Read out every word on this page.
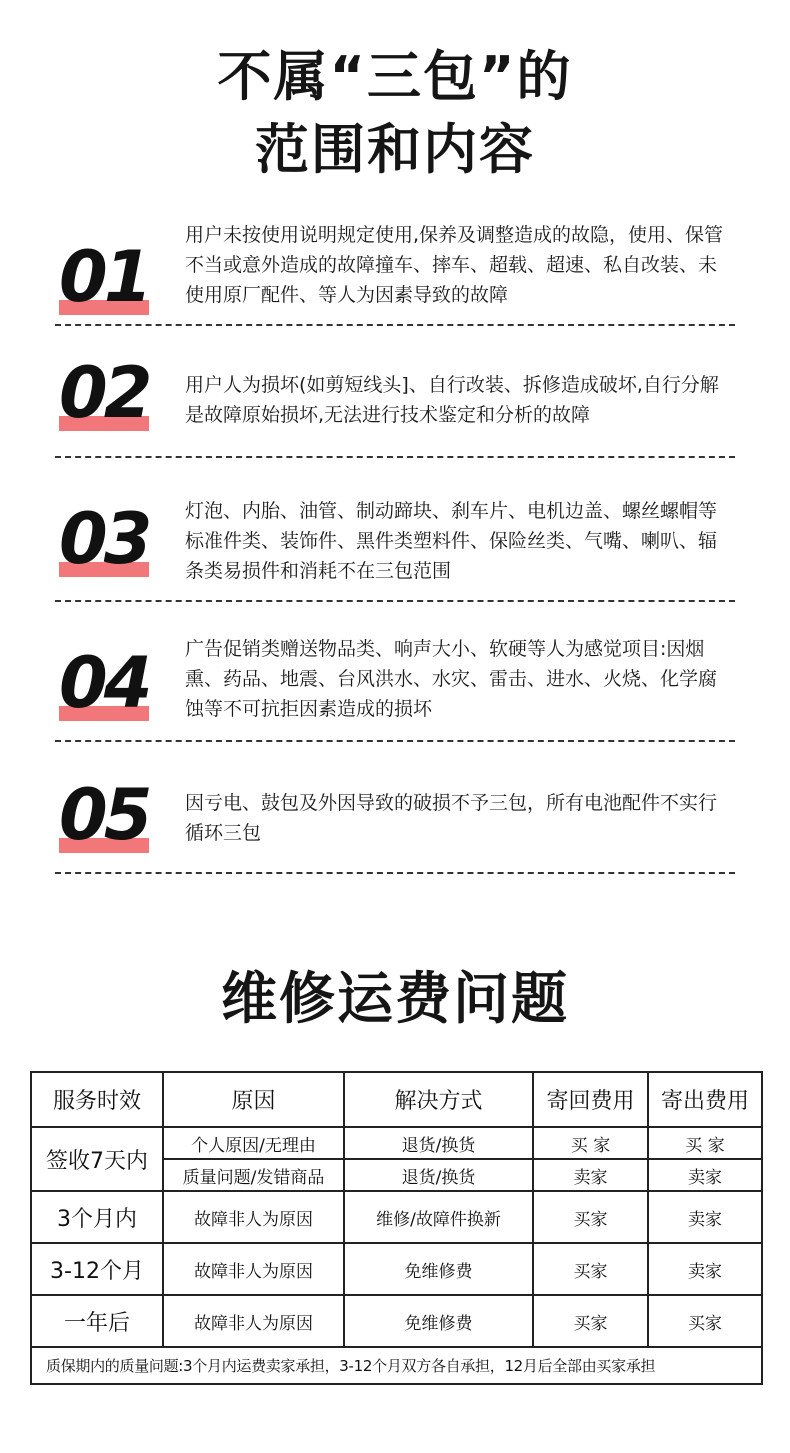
不属“三包”的
范围和内容
01
用户未按使用说明规定使用,保养及调整造成的故隐，使用、保管不当或意外造成的故障撞车、摔车、超载、超速、私自改装、未使用原厂配件、等人为因素导致的故障
02 用户人为损坏(如剪短线头]、自行改装、拆修造成破坏,自行分解是故障原始损坏,无法进行技术鉴定和分析的故障
03 灯泡、内胎、油管、制动蹄块、刹车片、电机边盖、螺丝螺帽等标准件类、装饰件、黑件类塑料件、保险丝类、气嘴、喇叭、辐条类易损件和消耗不在三包范围
04 广告促销类赠送物品类、响声大小、软硬等人为感觉项目:因烟熏、药品、地震、台风洪水、水灾、雷击、进水、火烧、化学腐蚀等不可抗拒因素造成的损坏
05 因亏电、鼓包及外因导致的破损不予三包，所有电池配件不实行循环三包
维修运费问题
服务时效	原因	解决方式	寄回费用	寄出费用
签收7天内	个人原因/无理由	退货/换货	买 家	买 家
	质量问题/发错商品	退货/换货	卖家	卖家
3个月内	故障非人为原因	维修/故障件换新	买家	卖家
3-12个月	故障非人为原因	免维修费	买家	卖家
一年后	故障非人为原因	免维修费	买家	买家
质保期内的质量问题:3个月内运费卖家承担，3-12个月双方各自承担，12月后全部由买家承担				
